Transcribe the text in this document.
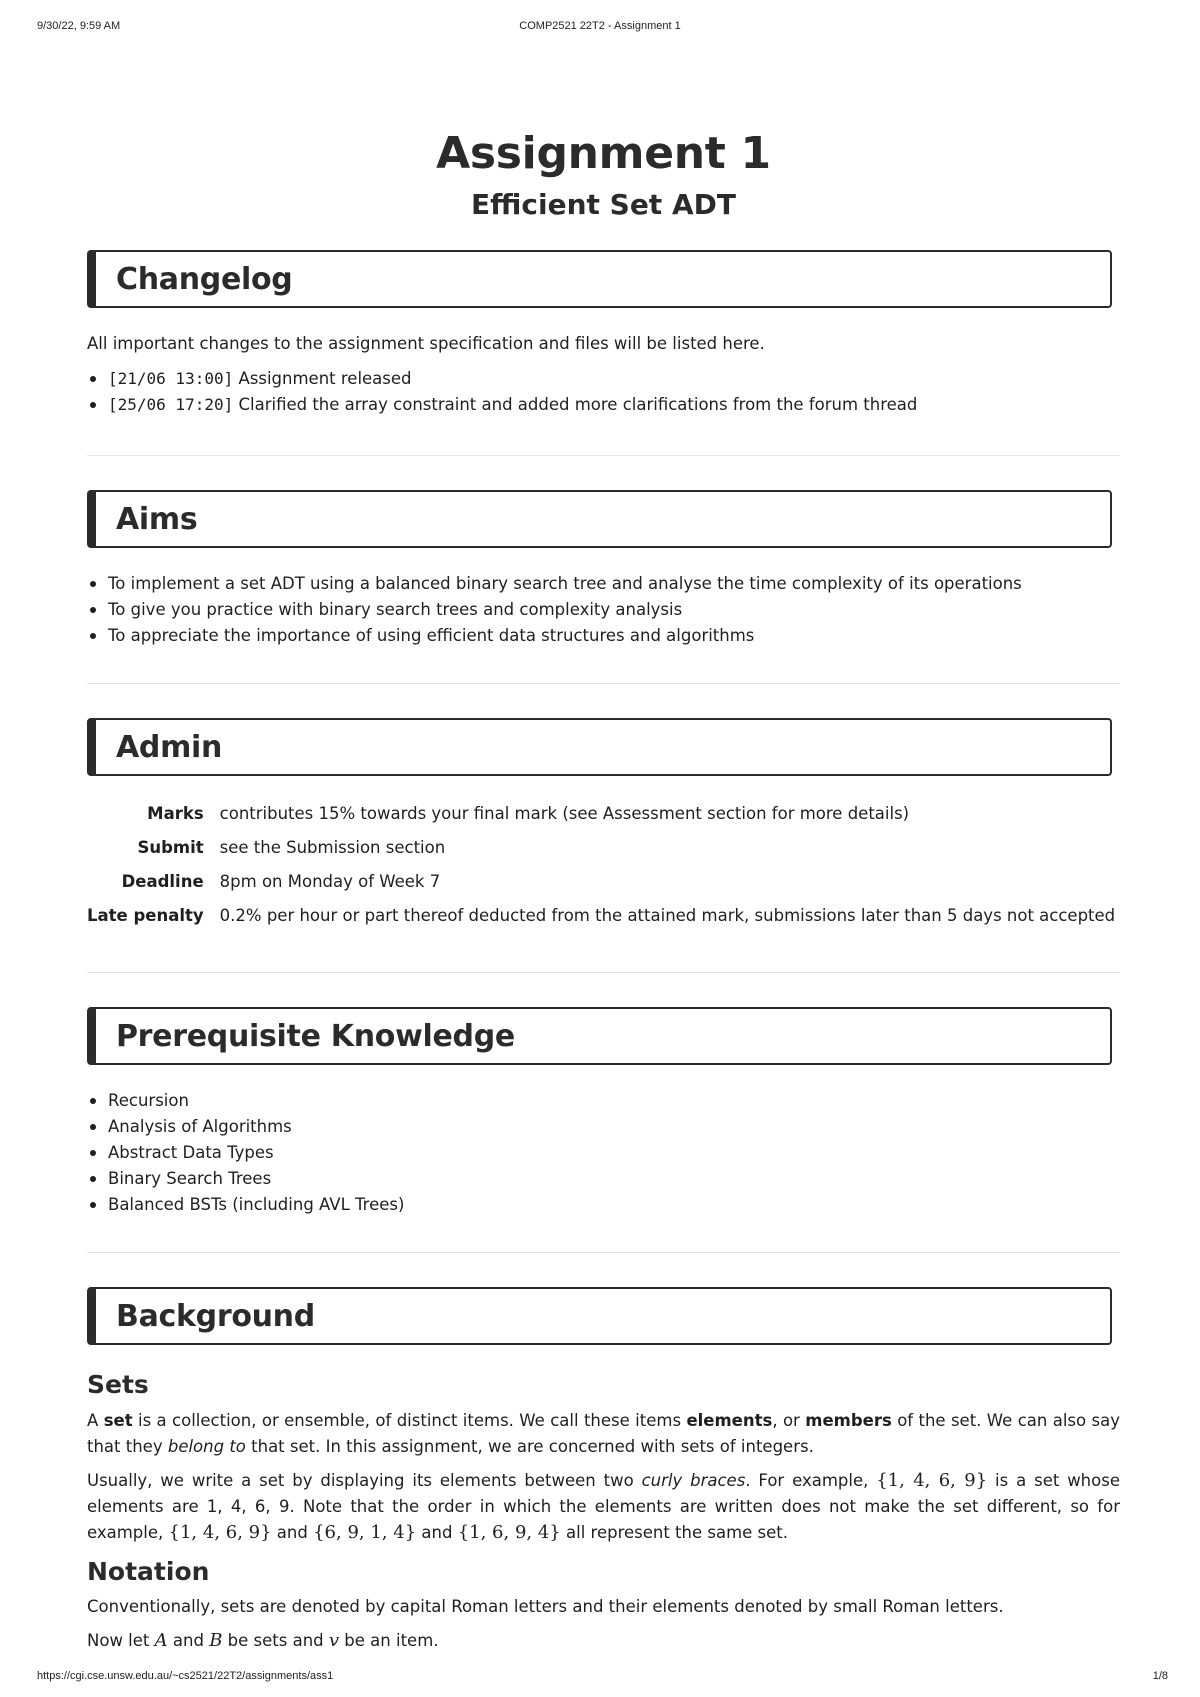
9/30/22, 9:59 AM	COMP2521 22T2 - Assignment 1
Assignment 1
Efficient Set ADT
Changelog
All important changes to the assignment specification and files will be listed here.
[21/06 13:00] Assignment released
[25/06 17:20] Clarified the array constraint and added more clarifications from the forum thread
Aims
To implement a set ADT using a balanced binary search tree and analyse the time complexity of its operations
To give you practice with binary search trees and complexity analysis
To appreciate the importance of using efficient data structures and algorithms
Admin
Marks	contributes 15% towards your final mark (see Assessment section for more details)
Submit	see the Submission section
Deadline	8pm on Monday of Week 7
Late penalty	0.2% per hour or part thereof deducted from the attained mark, submissions later than 5 days not accepted
Prerequisite Knowledge
Recursion
Analysis of Algorithms
Abstract Data Types
Binary Search Trees
Balanced BSTs (including AVL Trees)
Background
Sets
A set is a collection, or ensemble, of distinct items. We call these items elements, or members of the set. We can also say that they belong to that set. In this assignment, we are concerned with sets of integers.
Usually, we write a set by displaying its elements between two curly braces. For example, {1, 4, 6, 9} is a set whose elements are 1, 4, 6, 9. Note that the order in which the elements are written does not make the set different, so for example, {1, 4, 6, 9} and {6, 9, 1, 4} and {1, 6, 9, 4} all represent the same set.
Notation
Conventionally, sets are denoted by capital Roman letters and their elements denoted by small Roman letters.
Now let A and B be sets and v be an item.
https://cgi.cse.unsw.edu.au/~cs2521/22T2/assignments/ass1	1/8
